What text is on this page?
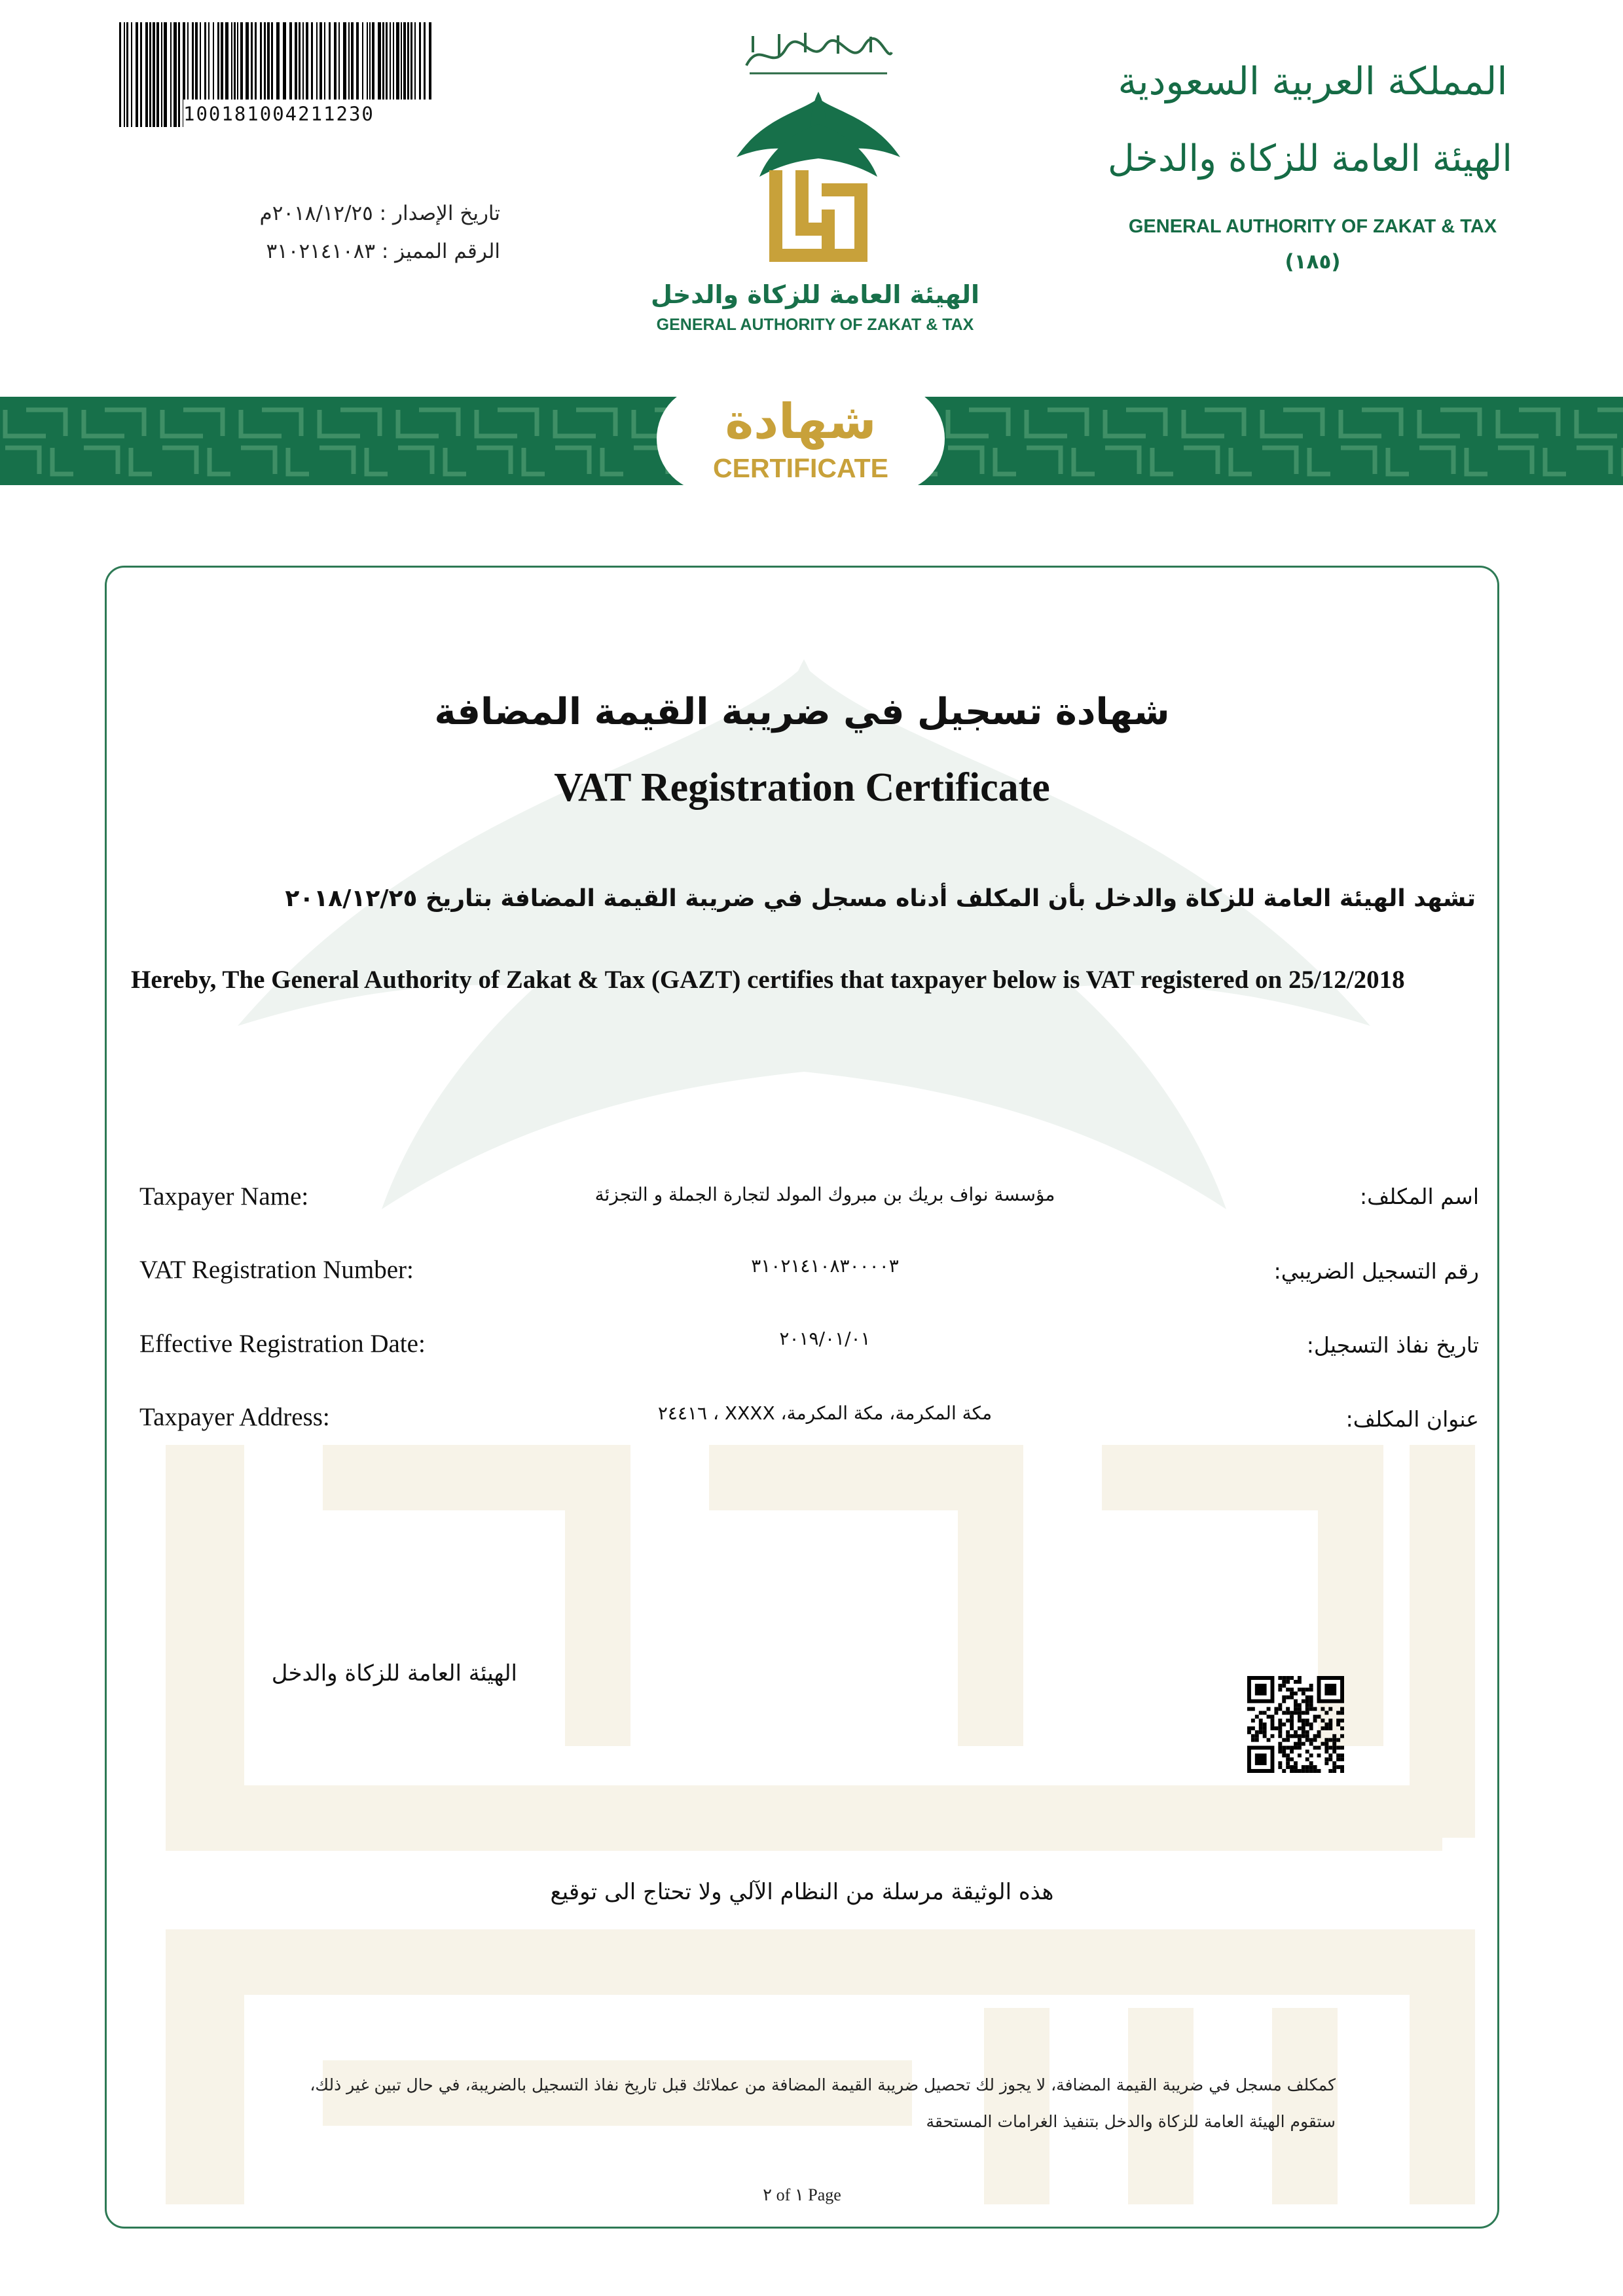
100181004211230
تاريخ الإصدار : ٢٠١٨/١٢/٢٥م
الرقم المميز : ٣١٠٢١٤١٠٨٣
الهيئة العامة للزكاة والدخل
GENERAL AUTHORITY OF ZAKAT & TAX
المملكة العربية السعودية
الهيئة العامة للزكاة والدخل
GENERAL AUTHORITY OF ZAKAT & TAX
(١٨٥)
شهادة
CERTIFICATE
شهادة تسجيل في ضريبة القيمة المضافة
VAT Registration Certificate
تشهد الهيئة العامة للزكاة والدخل بأن المكلف أدناه مسجل في ضريبة القيمة المضافة بتاريخ ٢٠١٨/١٢/٢٥
Hereby, The General Authority of Zakat & Tax (GAZT) certifies that taxpayer below is VAT registered on 25/12/2018
Taxpayer Name:	مؤسسة نواف بريك بن مبروك المولد لتجارة الجملة و التجزئة	اسم المكلف:
VAT Registration Number:	٣١٠٢١٤١٠٨٣٠٠٠٠٣	رقم التسجيل الضريبي:
Effective Registration Date:	٢٠١٩/٠١/٠١	تاريخ نفاذ التسجيل:
Taxpayer Address:	مكة المكرمة، مكة المكرمة، XXXX ، ٢٤٤١٦	عنوان المكلف:
الهيئة العامة للزكاة والدخل
هذه الوثيقة مرسلة من النظام الآلي ولا تحتاج الى توقيع
كمكلف مسجل في ضريبة القيمة المضافة، لا يجوز لك تحصيل ضريبة القيمة المضافة من عملائك قبل تاريخ نفاذ التسجيل بالضريبة، في حال تبين غير ذلك، ستقوم الهيئة العامة للزكاة والدخل بتنفيذ الغرامات المستحقة
٢ of ١ Page
